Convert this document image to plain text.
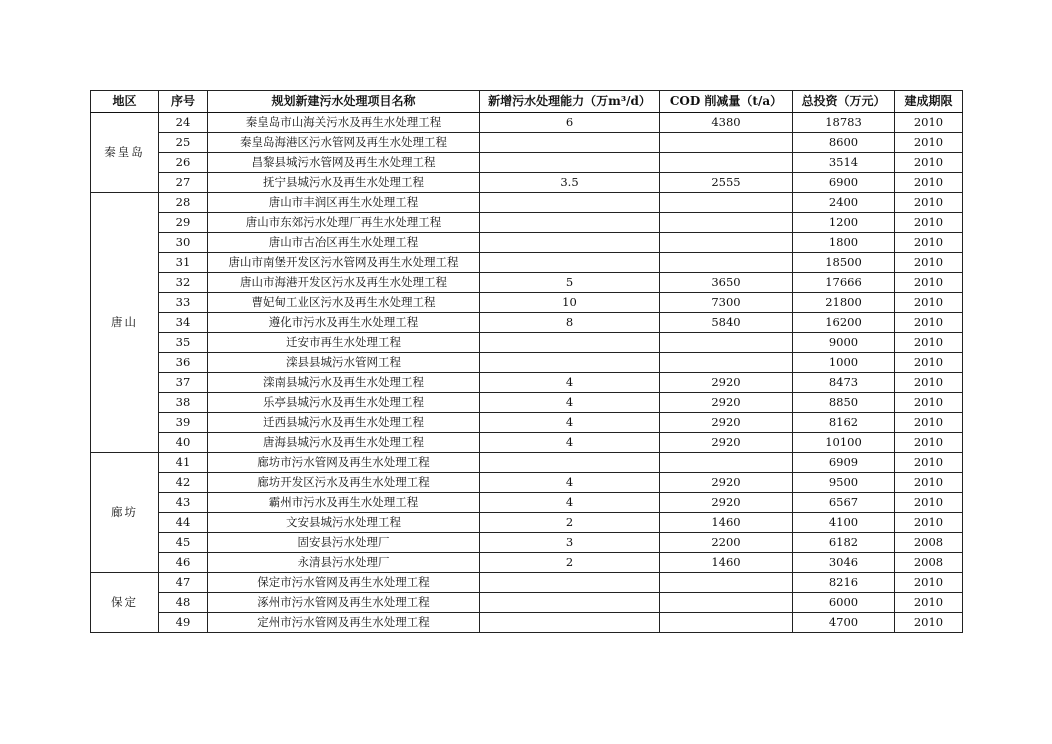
地区	序号	规划新建污水处理项目名称	新增污水处理能力（万m³/d）	COD 削减量（t/a）	总投资（万元）	建成期限
秦皇岛	24	秦皇岛市山海关污水及再生水处理工程	6	4380	18783	2010
	25	秦皇岛海港区污水管网及再生水处理工程			8600	2010
	26	昌黎县城污水管网及再生水处理工程			3514	2010
	27	抚宁县城污水及再生水处理工程	3.5	2555	6900	2010
唐山	28	唐山市丰润区再生水处理工程			2400	2010
	29	唐山市东郊污水处理厂再生水处理工程			1200	2010
	30	唐山市古冶区再生水处理工程			1800	2010
	31	唐山市南堡开发区污水管网及再生水处理工程			18500	2010
	32	唐山市海港开发区污水及再生水处理工程	5	3650	17666	2010
	33	曹妃甸工业区污水及再生水处理工程	10	7300	21800	2010
	34	遵化市污水及再生水处理工程	8	5840	16200	2010
	35	迁安市再生水处理工程			9000	2010
	36	滦县县城污水管网工程			1000	2010
	37	滦南县城污水及再生水处理工程	4	2920	8473	2010
	38	乐亭县城污水及再生水处理工程	4	2920	8850	2010
	39	迁西县城污水及再生水处理工程	4	2920	8162	2010
	40	唐海县城污水及再生水处理工程	4	2920	10100	2010
廊坊	41	廊坊市污水管网及再生水处理工程			6909	2010
	42	廊坊开发区污水及再生水处理工程	4	2920	9500	2010
	43	霸州市污水及再生水处理工程	4	2920	6567	2010
	44	文安县城污水处理工程	2	1460	4100	2010
	45	固安县污水处理厂	3	2200	6182	2008
	46	永清县污水处理厂	2	1460	3046	2008
保定	47	保定市污水管网及再生水处理工程			8216	2010
	48	涿州市污水管网及再生水处理工程			6000	2010
	49	定州市污水管网及再生水处理工程			4700	2010
